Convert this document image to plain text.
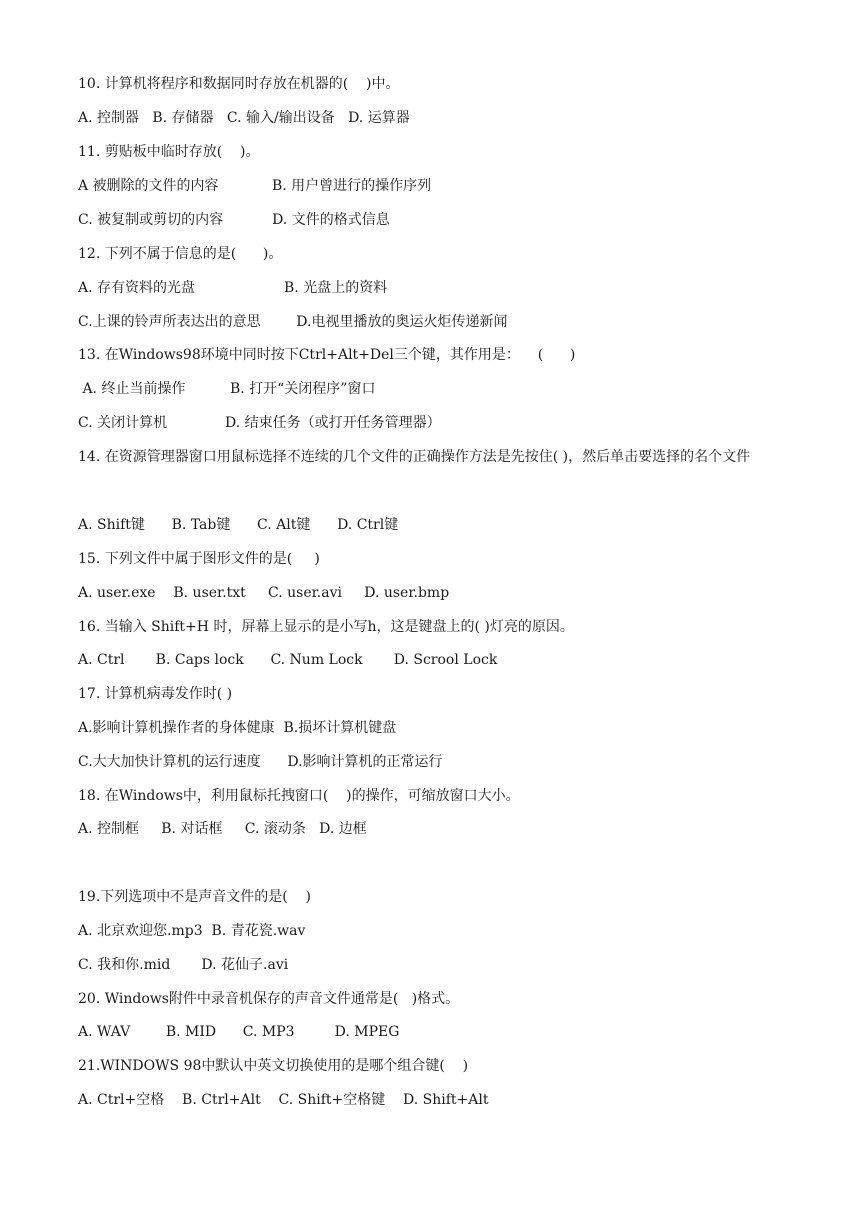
10. 计算机将程序和数据同时存放在机器的(    )中。
A. 控制器   B. 存储器   C. 输入/输出设备   D. 运算器
11. 剪贴板中临时存放(    )。
A 被删除的文件的内容            B. 用户曾进行的操作序列
C. 被复制或剪切的内容           D. 文件的格式信息
12. 下列不属于信息的是(      )。
A. 存有资料的光盘                    B. 光盘上的资料
C.上课的铃声所表达出的意思        D.电视里播放的奥运火炬传递新闻
13. 在Windows98环境中同时按下Ctrl+Alt+Del三个键，其作用是：    (      )
A. 终止当前操作          B. 打开“关闭程序”窗口
C. 关闭计算机             D. 结束任务（或打开任务管理器）
14. 在资源管理器窗口用鼠标选择不连续的几个文件的正确操作方法是先按住( )，然后单击要选择的名个文件
A. Shift键      B. Tab键      C. Alt键      D. Ctrl键
15. 下列文件中属于图形文件的是(     )
A. user.exe    B. user.txt     C. user.avi     D. user.bmp
16. 当输入 Shift+H 时，屏幕上显示的是小写h，这是键盘上的( )灯亮的原因。
A. Ctrl       B. Caps lock      C. Num Lock       D. Scrool Lock
17. 计算机病毒发作时( )
A.影响计算机操作者的身体健康  B.损坏计算机键盘
C.大大加快计算机的运行速度      D.影响计算机的正常运行
18. 在Windows中，利用鼠标托拽窗口(    )的操作，可缩放窗口大小。
A. 控制框     B. 对话框     C. 滚动条   D. 边框
19.下列选项中不是声音文件的是(    )
A. 北京欢迎您.mp3  B. 青花瓷.wav
C. 我和你.mid       D. 花仙子.avi
20. Windows附件中录音机保存的声音文件通常是(   )格式。
A. WAV        B. MID      C. MP3         D. MPEG
21.WINDOWS 98中默认中英文切换使用的是哪个组合键(    )
A. Ctrl+空格    B. Ctrl+Alt    C. Shift+空格键    D. Shift+Alt
